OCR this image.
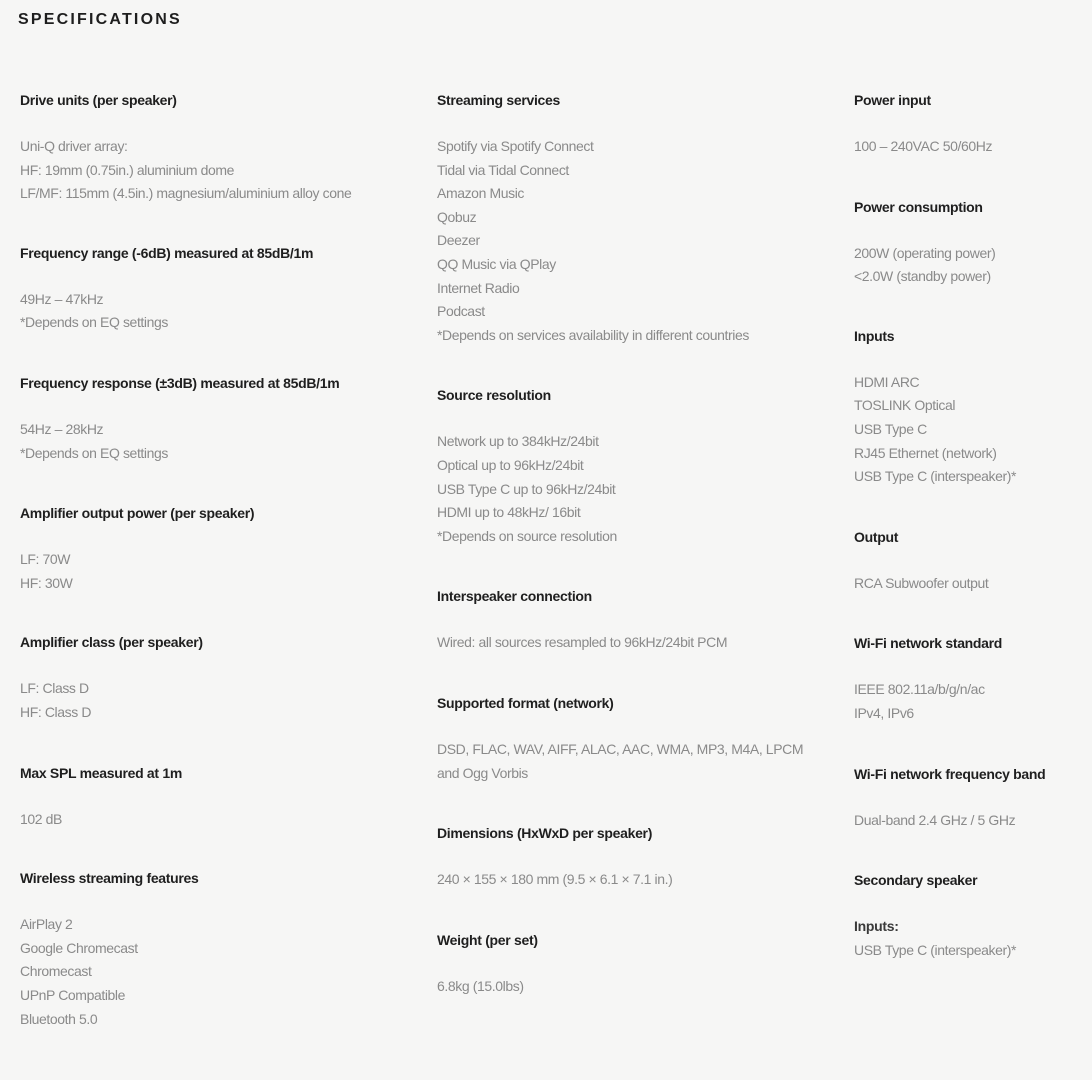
SPECIFICATIONS
Drive units (per speaker)
Uni-Q driver array:
HF: 19mm (0.75in.) aluminium dome
LF/MF: 115mm (4.5in.) magnesium/aluminium alloy cone
Frequency range (-6dB) measured at 85dB/1m
49Hz – 47kHz
*Depends on EQ settings
Frequency response (±3dB) measured at 85dB/1m
54Hz – 28kHz
*Depends on EQ settings
Amplifier output power (per speaker)
LF: 70W
HF: 30W
Amplifier class (per speaker)
LF: Class D
HF: Class D
Max SPL measured at 1m
102 dB
Wireless streaming features
AirPlay 2
Google Chromecast
Chromecast
UPnP Compatible
Bluetooth 5.0
Streaming services
Spotify via Spotify Connect
Tidal via Tidal Connect
Amazon Music
Qobuz
Deezer
QQ Music via QPlay
Internet Radio
Podcast
*Depends on services availability in different countries
Source resolution
Network up to 384kHz/24bit
Optical up to 96kHz/24bit
USB Type C up to 96kHz/24bit
HDMI up to 48kHz/ 16bit
*Depends on source resolution
Interspeaker connection
Wired: all sources resampled to 96kHz/24bit PCM
Supported format (network)
DSD, FLAC, WAV, AIFF, ALAC, AAC, WMA, MP3, M4A, LPCM
and Ogg Vorbis
Dimensions (HxWxD per speaker)
240 × 155 × 180 mm (9.5 × 6.1 × 7.1 in.)
Weight (per set)
6.8kg (15.0lbs)
Power input
100 – 240VAC 50/60Hz
Power consumption
200W (operating power)
<2.0W (standby power)
Inputs
HDMI ARC
TOSLINK Optical
USB Type C
RJ45 Ethernet (network)
USB Type C (interspeaker)*
Output
RCA Subwoofer output
Wi-Fi network standard
IEEE 802.11a/b/g/n/ac
IPv4, IPv6
Wi-Fi network frequency band
Dual-band 2.4 GHz / 5 GHz
Secondary speaker
Inputs:
USB Type C (interspeaker)*
